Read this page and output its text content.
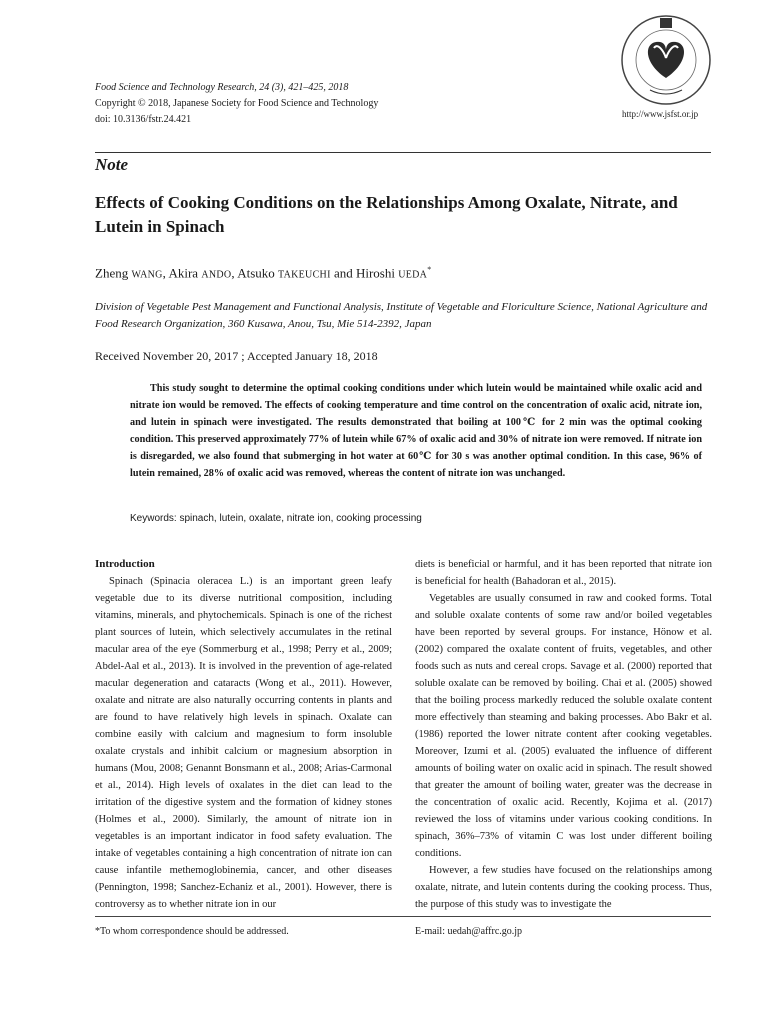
Food Science and Technology Research, 24 (3), 421–425, 2018
Copyright © 2018, Japanese Society for Food Science and Technology
doi: 10.3136/fstr.24.421	http://www.jsfst.or.jp
Note
Effects of Cooking Conditions on the Relationships Among Oxalate, Nitrate, and Lutein in Spinach
Zheng WANG, Akira ANDO, Atsuko TAKEUCHI and Hiroshi UEDA*
Division of Vegetable Pest Management and Functional Analysis, Institute of Vegetable and Floriculture Science, National Agriculture and Food Research Organization, 360 Kusawa, Anou, Tsu, Mie 514-2392, Japan
Received November 20, 2017 ; Accepted January 18, 2018

This study sought to determine the optimal cooking conditions under which lutein would be maintained while oxalic acid and nitrate ion would be removed. The effects of cooking temperature and time control on the concentration of oxalic acid, nitrate ion, and lutein in spinach were investigated. The results demonstrated that boiling at 100℃ for 2 min was the optimal cooking condition. This preserved approximately 77% of lutein while 67% of oxalic acid and 30% of nitrate ion were removed. If nitrate ion is disregarded, we also found that submerging in hot water at 60℃ for 30 s was another optimal condition. In this case, 96% of lutein remained, 28% of oxalic acid was removed, whereas the content of nitrate ion was unchanged.

Keywords: spinach, lutein, oxalate, nitrate ion, cooking processing
Introduction

Spinach (Spinacia oleracea L.) is an important green leafy vegetable due to its diverse nutritional composition, including vitamins, minerals, and phytochemicals. Spinach is one of the richest plant sources of lutein, which selectively accumulates in the retinal macular area of the eye (Sommerburg et al., 1998; Perry et al., 2009; Abdel-Aal et al., 2013). It is involved in the prevention of age-related macular degeneration and cataracts (Wong et al., 2011). However, oxalate and nitrate are also naturally occurring contents in plants and are found to have relatively high levels in spinach. Oxalate can combine easily with calcium and magnesium to form insoluble oxalate crystals and inhibit calcium or magnesium absorption in humans (Mou, 2008; Genannt Bonsmann et al., 2008; Arias-Carmonal et al., 2014). High levels of oxalates in the diet can lead to the irritation of the digestive system and the formation of kidney stones (Holmes et al., 2000). Similarly, the amount of nitrate ion in vegetables is an important indicator in food safety evaluation. The intake of vegetables containing a high concentration of nitrate ion can cause infantile methemoglobinemia, cancer, and other diseases (Pennington, 1998; Sanchez-Echaniz et al., 2001). However, there is controversy as to whether nitrate ion in our

diets is beneficial or harmful, and it has been reported that nitrate ion is beneficial for health (Bahadoran et al., 2015).

Vegetables are usually consumed in raw and cooked forms. Total and soluble oxalate contents of some raw and/or boiled vegetables have been reported by several groups. For instance, Hönow et al. (2002) compared the oxalate content of fruits, vegetables, and other foods such as nuts and cereal crops. Savage et al. (2000) reported that soluble oxalate can be removed by boiling. Chai et al. (2005) showed that the boiling process markedly reduced the soluble oxalate content more effectively than steaming and baking processes. Abo Bakr et al. (1986) reported the lower nitrate content after cooking vegetables. Moreover, Izumi et al. (2005) evaluated the influence of different amounts of boiling water on oxalic acid in spinach. The result showed that greater the amount of boiling water, greater was the decrease in the concentration of oxalic acid. Recently, Kojima et al. (2017) reviewed the loss of vitamins under various cooking conditions. In spinach, 36%–73% of vitamin C was lost under different boiling conditions.

However, a few studies have focused on the relationships among oxalate, nitrate, and lutein contents during the cooking process. Thus, the purpose of this study was to investigate the

*To whom correspondence should be addressed.	E-mail: uedah@affrc.go.jp
